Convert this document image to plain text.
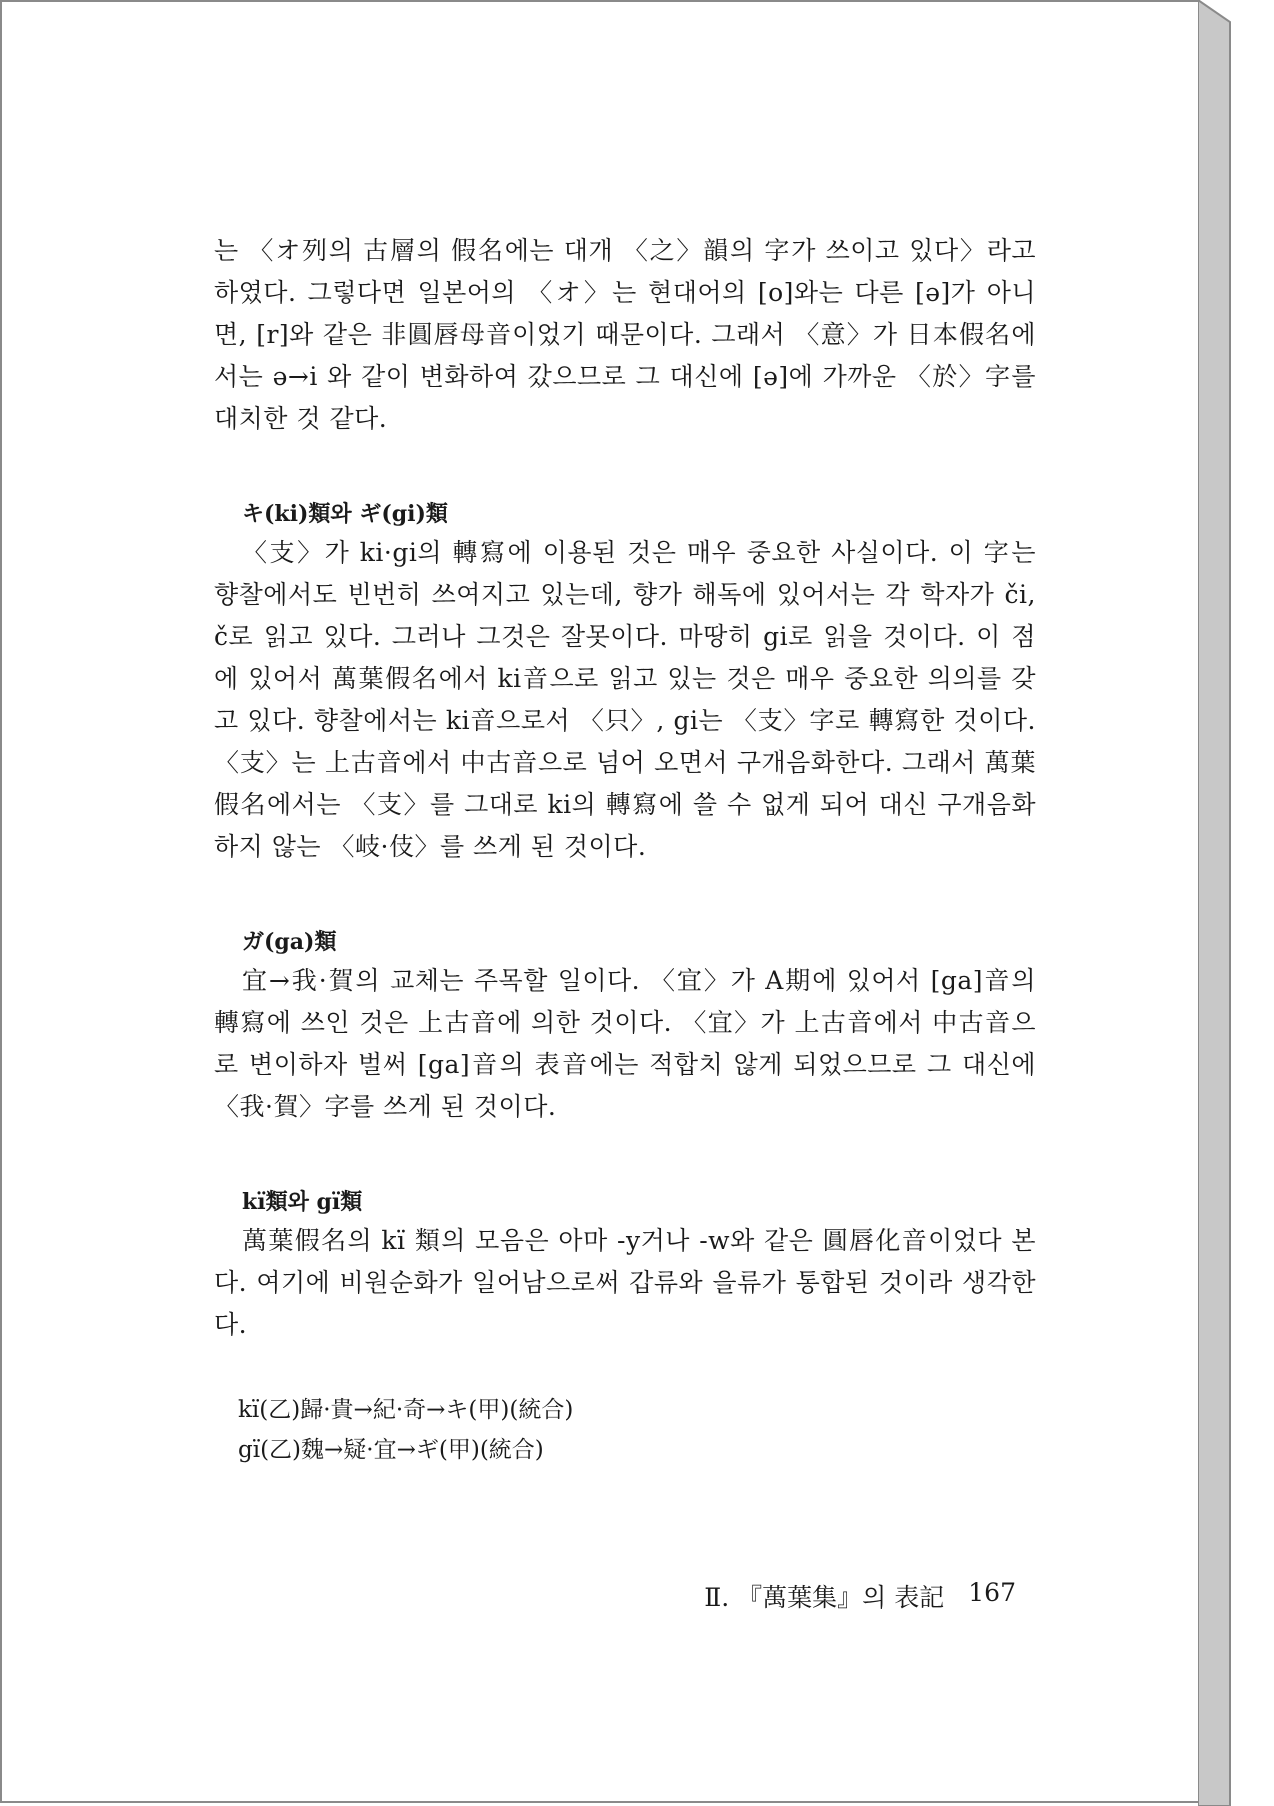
는 〈オ列의 古層의 假名에는 대개 〈之〉韻의 字가 쓰이고 있다〉라고 하였다. 그렇다면 일본어의 〈オ〉는 현대어의 [o]와는 다른 [ə]가 아니면, [r]와 같은 非圓唇母音이었기 때문이다. 그래서 〈意〉가 日本假名에서는 ə→i 와 같이 변화하여 갔으므로 그 대신에 [ə]에 가까운 〈於〉字를 대치한 것 같다.

キ(ki)類와 ギ(gi)類

〈支〉가 ki·gi의 轉寫에 이용된 것은 매우 중요한 사실이다. 이 字는 향찰에서도 빈번히 쓰여지고 있는데, 향가 해독에 있어서는 각 학자가 či, č로 읽고 있다. 그러나 그것은 잘못이다. 마땅히 gi로 읽을 것이다. 이 점에 있어서 萬葉假名에서 ki音으로 읽고 있는 것은 매우 중요한 의의를 갖고 있다. 향찰에서는 ki音으로서 〈只〉, gi는 〈支〉字로 轉寫한 것이다. 〈支〉는 上古音에서 中古音으로 넘어 오면서 구개음화한다. 그래서 萬葉假名에서는 〈支〉를 그대로 ki의 轉寫에 쓸 수 없게 되어 대신 구개음화하지 않는 〈岐·伎〉를 쓰게 된 것이다.

ガ(ga)類

宜→我·賀의 교체는 주목할 일이다. 〈宜〉가 A期에 있어서 [ga]音의 轉寫에 쓰인 것은 上古音에 의한 것이다. 〈宜〉가 上古音에서 中古音으로 변이하자 벌써 [ga]音의 表音에는 적합치 않게 되었으므로 그 대신에 〈我·賀〉字를 쓰게 된 것이다.

kï類와 gï類

萬葉假名의 kï 類의 모음은 아마 -y거나 -w와 같은 圓唇化音이었다 본다. 여기에 비원순화가 일어남으로써 갑류와 을류가 통합된 것이라 생각한다.

kï(乙)歸·貴→紀·奇→キ(甲)(統合)

gï(乙)魏→疑·宜→ギ(甲)(統合)

Ⅱ. 『萬葉集』의 表記 167
